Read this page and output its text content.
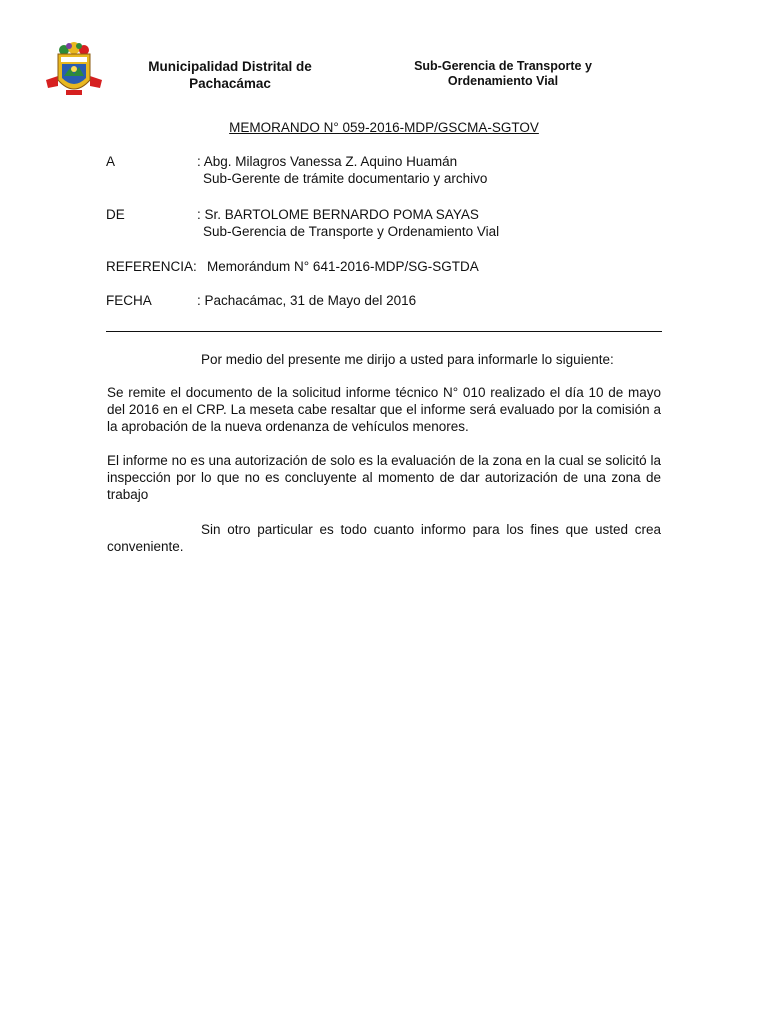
Municipalidad Distrital de Pachacámac
Sub-Gerencia de Transporte y Ordenamiento Vial
MEMORANDO N° 059-2016-MDP/GSCMA-SGTOV
A	: Abg. Milagros Vanessa Z. Aquino Huamán
Sub-Gerente de trámite documentario y archivo
DE	: Sr. BARTOLOME BERNARDO POMA SAYAS
Sub-Gerencia de Transporte y Ordenamiento Vial
REFERENCIA: Memorándum N° 641-2016-MDP/SG-SGTDA
FECHA	: Pachacámac, 31 de Mayo del 2016
Por medio del presente me dirijo a usted para informarle lo siguiente:
Se remite el documento de la solicitud informe técnico N° 010 realizado el día 10 de mayo del 2016 en el CRP. La meseta cabe resaltar que el informe será evaluado por la comisión a la aprobación de la nueva ordenanza de vehículos menores.
El informe no es una autorización de solo es la evaluación de la zona en la cual se solicitó la inspección por lo que no es concluyente al momento de dar autorización de una zona de trabajo
Sin otro particular es todo cuanto informo para los fines que usted crea conveniente.
